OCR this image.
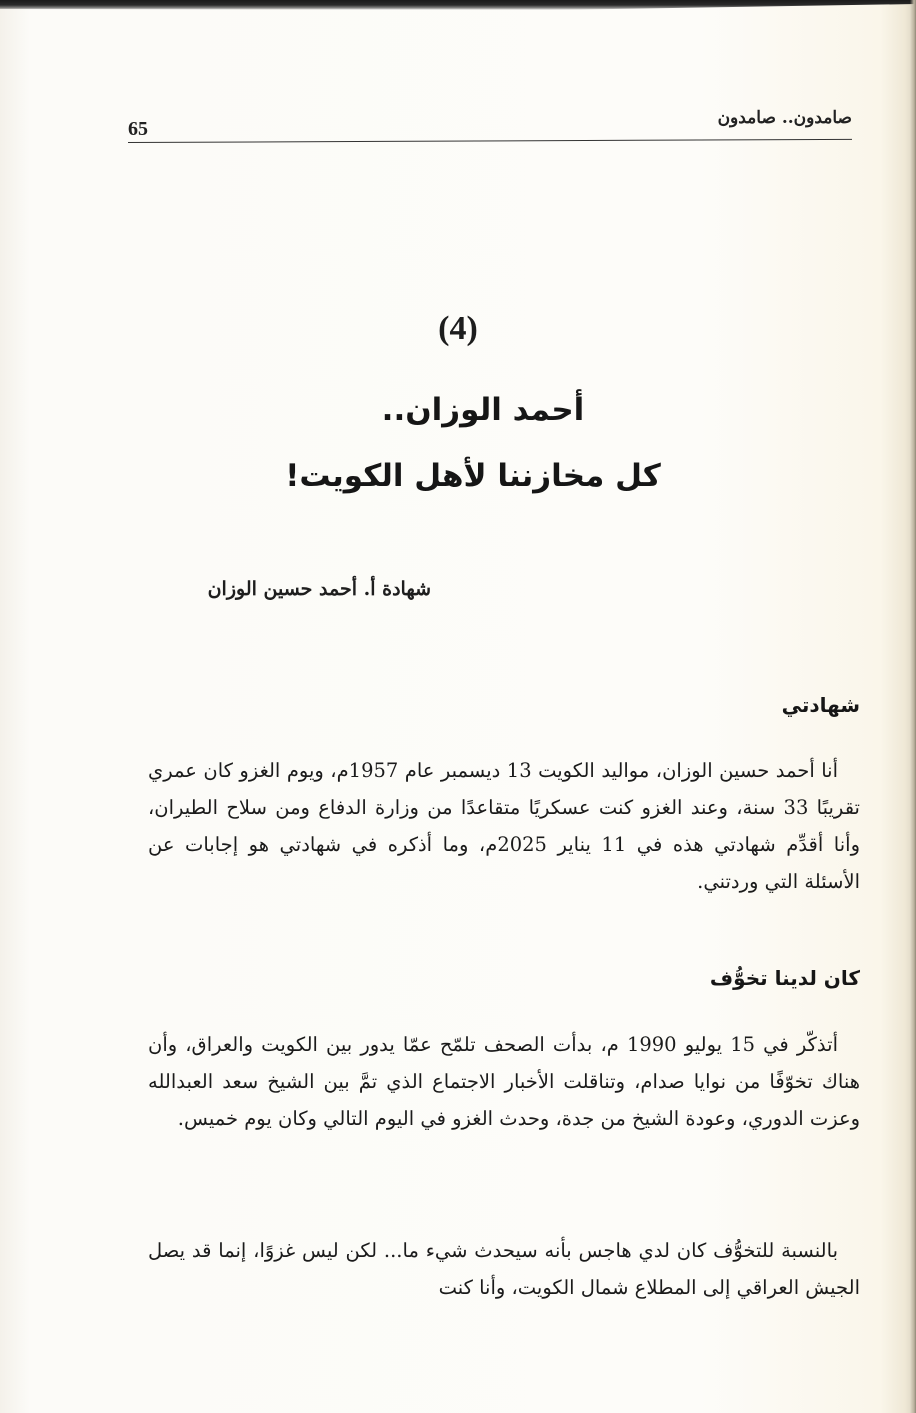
صامدون.. صامدون
65
(4)
أحمد الوزان..
كل مخازننا لأهل الكويت!
شهادة أ. أحمد حسين الوزان
شهادتي

أنا أحمد حسين الوزان، مواليد الكويت 13 ديسمبر عام 1957م، ويوم الغزو كان عمري تقريبًا 33 سنة، وعند الغزو كنت عسكريًا متقاعدًا من وزارة الدفاع ومن سلاح الطيران، وأنا أقدِّم شهادتي هذه في 11 يناير 2025م، وما أذكره في شهادتي هو إجابات عن الأسئلة التي وردتني.

كان لدينا تخوُّف

أتذكّر في 15 يوليو 1990 م، بدأت الصحف تلمّح عمّا يدور بين الكويت والعراق، وأن هناك تخوّفًا من نوايا صدام، وتناقلت الأخبار الاجتماع الذي تمَّ بين الشيخ سعد العبدالله وعزت الدوري، وعودة الشيخ من جدة، وحدث الغزو في اليوم التالي وكان يوم خميس.

بالنسبة للتخوُّف كان لدي هاجس بأنه سيحدث شيء ما... لكن ليس غزوًا، إنما قد يصل الجيش العراقي إلى المطلاع شمال الكويت، وأنا كنت
